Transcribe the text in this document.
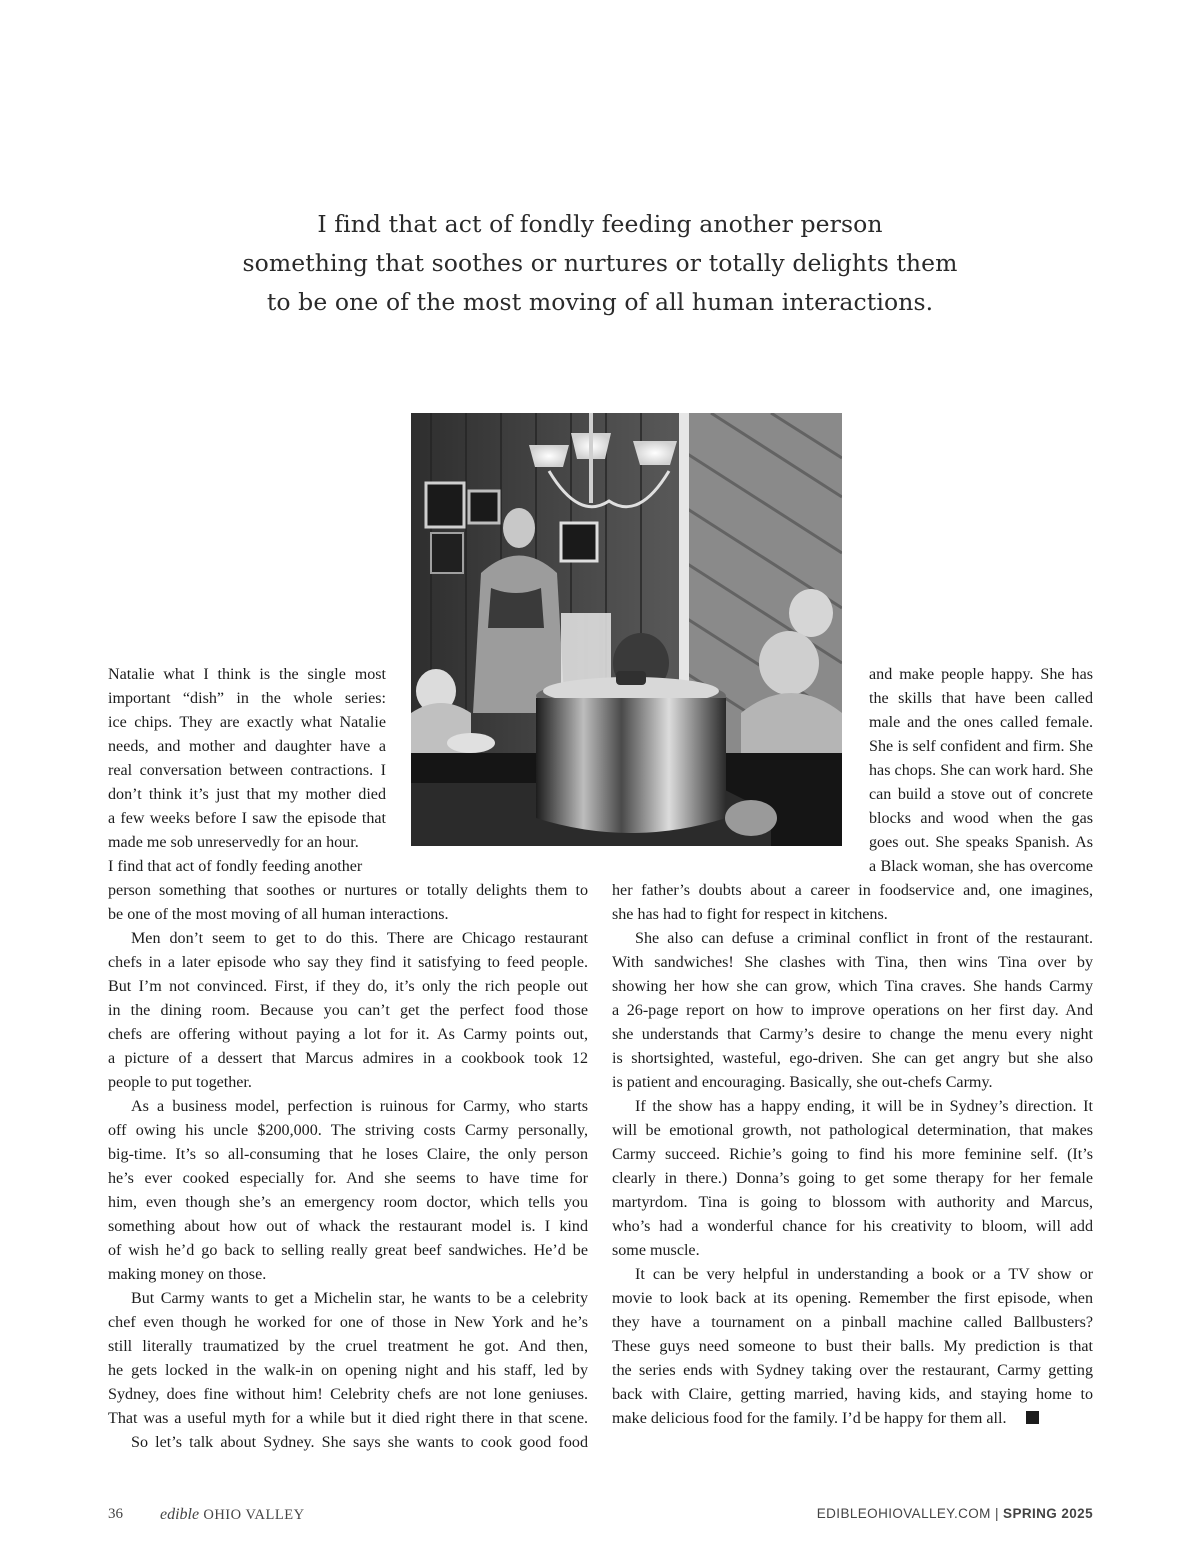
I find that act of fondly feeding another person
something that soothes or nurtures or totally delights them
to be one of the most moving of all human interactions.

Natalie what I think is the single most
important “dish” in the whole series:
ice chips. They are exactly what Natalie
needs, and mother and daughter have a
real conversation between contractions. I
don’t think it’s just that my mother died
a few weeks before I saw the episode that
made me sob unreservedly for an hour.
I find that act of fondly feeding another
person something that soothes or nurtures or totally delights them to
be one of the most moving of all human interactions.
Men don’t seem to get to do this. There are Chicago restaurant
chefs in a later episode who say they find it satisfying to feed people.
But I’m not convinced. First, if they do, it’s only the rich people out
in the dining room. Because you can’t get the perfect food those
chefs are offering without paying a lot for it. As Carmy points out,
a picture of a dessert that Marcus admires in a cookbook took 12
people to put together.
As a business model, perfection is ruinous for Carmy, who starts
off owing his uncle $200,000. The striving costs Carmy personally,
big-time. It’s so all-consuming that he loses Claire, the only person
he’s ever cooked especially for. And she seems to have time for
him, even though she’s an emergency room doctor, which tells you
something about how out of whack the restaurant model is. I kind
of wish he’d go back to selling really great beef sandwiches. He’d be
making money on those.
But Carmy wants to get a Michelin star, he wants to be a celebrity
chef even though he worked for one of those in New York and he’s
still literally traumatized by the cruel treatment he got. And then,
he gets locked in the walk-in on opening night and his staff, led by
Sydney, does fine without him! Celebrity chefs are not lone geniuses.
That was a useful myth for a while but it died right there in that scene.
So let’s talk about Sydney. She says she wants to cook good food
and make people happy. She has
the skills that have been called
male and the ones called female.
She is self confident and firm. She
has chops. She can work hard. She
can build a stove out of concrete
blocks and wood when the gas
goes out. She speaks Spanish. As
a Black woman, she has overcome
her father’s doubts about a career in foodservice and, one imagines,
she has had to fight for respect in kitchens.
She also can defuse a criminal conflict in front of the restaurant.
With sandwiches! She clashes with Tina, then wins Tina over by
showing her how she can grow, which Tina craves. She hands Carmy
a 26-page report on how to improve operations on her first day. And
she understands that Carmy’s desire to change the menu every night
is shortsighted, wasteful, ego-driven. She can get angry but she also
is patient and encouraging. Basically, she out-chefs Carmy.
If the show has a happy ending, it will be in Sydney’s direction. It
will be emotional growth, not pathological determination, that makes
Carmy succeed. Richie’s going to find his more feminine self. (It’s
clearly in there.) Donna’s going to get some therapy for her female
martyrdom. Tina is going to blossom with authority and Marcus,
who’s had a wonderful chance for his creativity to bloom, will add
some muscle.
It can be very helpful in understanding a book or a TV show or
movie to look back at its opening. Remember the first episode, when
they have a tournament on a pinball machine called Ballbusters?
These guys need someone to bust their balls. My prediction is that
the series ends with Sydney taking over the restaurant, Carmy getting
back with Claire, getting married, having kids, and staying home to
make delicious food for the family. I’d be happy for them all.
36 edible OHIO VALLEY	EDIBLEOHIOVALLEY.COM | SPRING 2025
